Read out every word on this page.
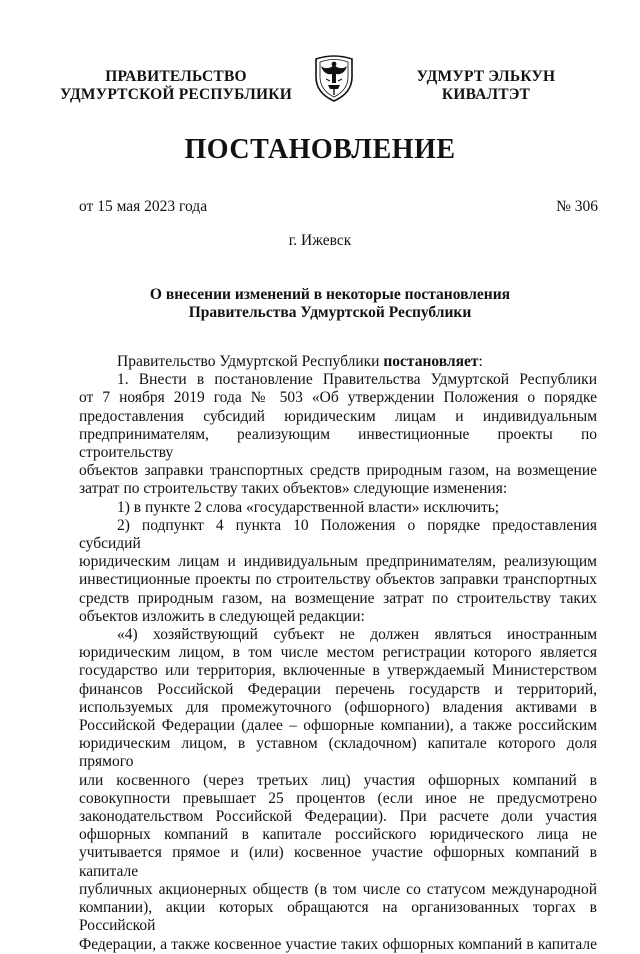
ПРАВИТЕЛЬСТВО
УДМУРТСКОЙ РЕСПУБЛИКИ
УДМУРТ ЭЛЬКУН
КИВАЛТЭТ
ПОСТАНОВЛЕНИЕ
от 15 мая 2023 года	№ 306
г. Ижевск
О внесении изменений в некоторые постановления
Правительства Удмуртской Республики

Правительство Удмуртской Республики постановляет:

1. Внести в постановление Правительства Удмуртской Республики

от 7 ноября 2019 года № 503 «Об утверждении Положения о порядке

предоставления субсидий юридическим лицам и индивидуальным

предпринимателям, реализующим инвестиционные проекты по строительству

объектов заправки транспортных средств природным газом, на возмещение

затрат по строительству таких объектов» следующие изменения:

1) в пункте 2 слова «государственной власти» исключить;

2) подпункт 4 пункта 10 Положения о порядке предоставления субсидий

юридическим лицам и индивидуальным предпринимателям, реализующим

инвестиционные проекты по строительству объектов заправки транспортных

средств природным газом, на возмещение затрат по строительству таких

объектов изложить в следующей редакции:

«4) хозяйствующий субъект не должен являться иностранным

юридическим лицом, в том числе местом регистрации которого является

государство или территория, включенные в утверждаемый Министерством

финансов Российской Федерации перечень государств и территорий,

используемых для промежуточного (офшорного) владения активами в

Российской Федерации (далее – офшорные компании), а также российским

юридическим лицом, в уставном (складочном) капитале которого доля прямого

или косвенного (через третьих лиц) участия офшорных компаний в

совокупности превышает 25 процентов (если иное не предусмотрено

законодательством Российской Федерации). При расчете доли участия

офшорных компаний в капитале российского юридического лица не

учитывается прямое и (или) косвенное участие офшорных компаний в капитале

публичных акционерных обществ (в том числе со статусом международной

компании), акции которых обращаются на организованных торгах в Российской

Федерации, а также косвенное участие таких офшорных компаний в капитале
